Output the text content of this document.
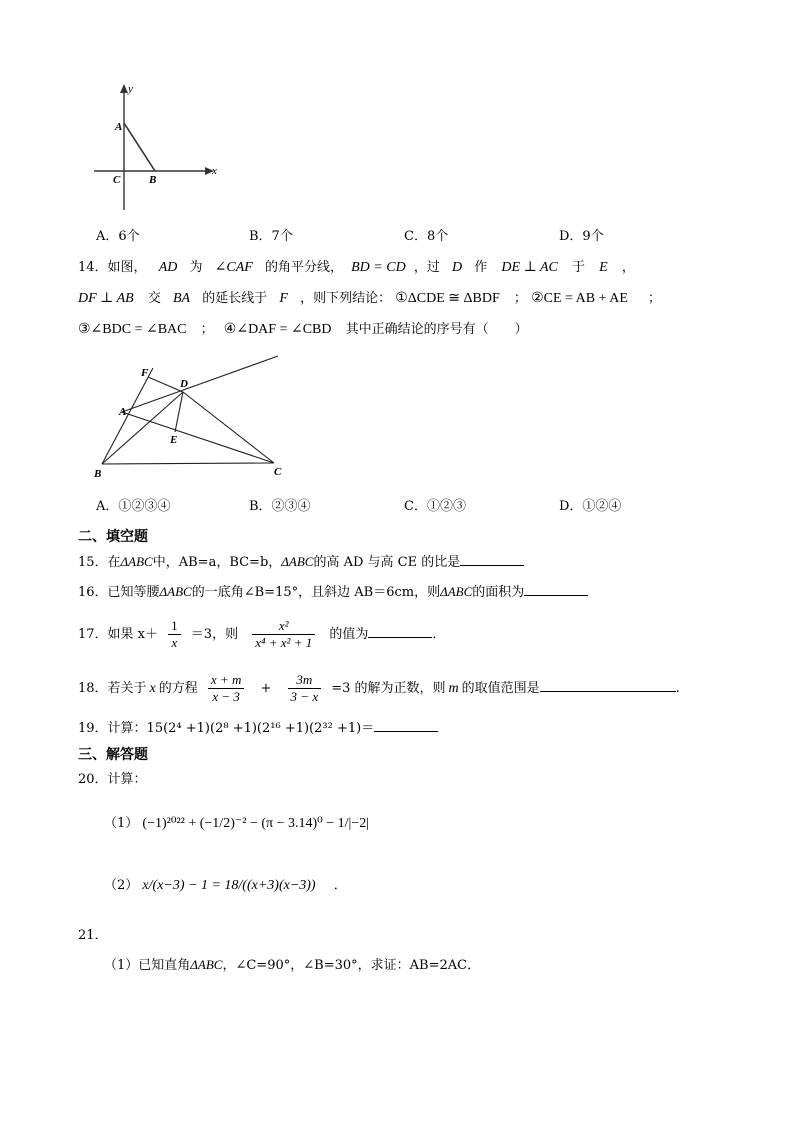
y
x
A
C	B
A．6个	B．7个	C．8个	D．9个
14．如图， AD 为 ∠CAF 的角平分线， BD = CD ，过 D 作 DE ⊥ AC 于 E ，
DF ⊥ AB 交 BA 的延长线于 F ，则下列结论： ①ΔCDE ≅ ΔBDF ； ②CE = AB + AE ；
③∠BDC = ∠BAC ； ④∠DAF = ∠CBD 其中正确结论的序号有（　　）
F
D
A
E
B	C
A．①②③④	B．②③④	C．①②③	D．①②④
二、填空题
15．在ΔABC中，AB=a，BC=b，ΔABC的高 AD 与高 CE 的比是
16．已知等腰ΔABC的一底角∠B=15°，且斜边 AB＝6cm，则ΔABC的面积为
17．如果 $x+ \frac{1}{x} =3$，则 $\frac{\text{x²}}{\text{x⁴ + x² + 1}}$ 的值为	．
18．若关于 x 的方程 $\frac{x + m}{x - 3} + \frac{3m}{3 - x} =3$ 的解为正数，则 m 的取值范围是	.
19．计算：15(2⁴ +1)(2⁸ +1)(2¹⁶ +1)(2³² +1)＝
三、解答题
20．计算：
（1） (−1)²⁰²² + (−1/2)⁻² − (π − 3.14)⁰ − 1/|−2|
（2） x/(x−3) − 1 = 18/((x+3)(x−3)) ．
21．
（1）已知直角ΔABC，∠C=90°，∠B=30°，求证：AB=2AC．
